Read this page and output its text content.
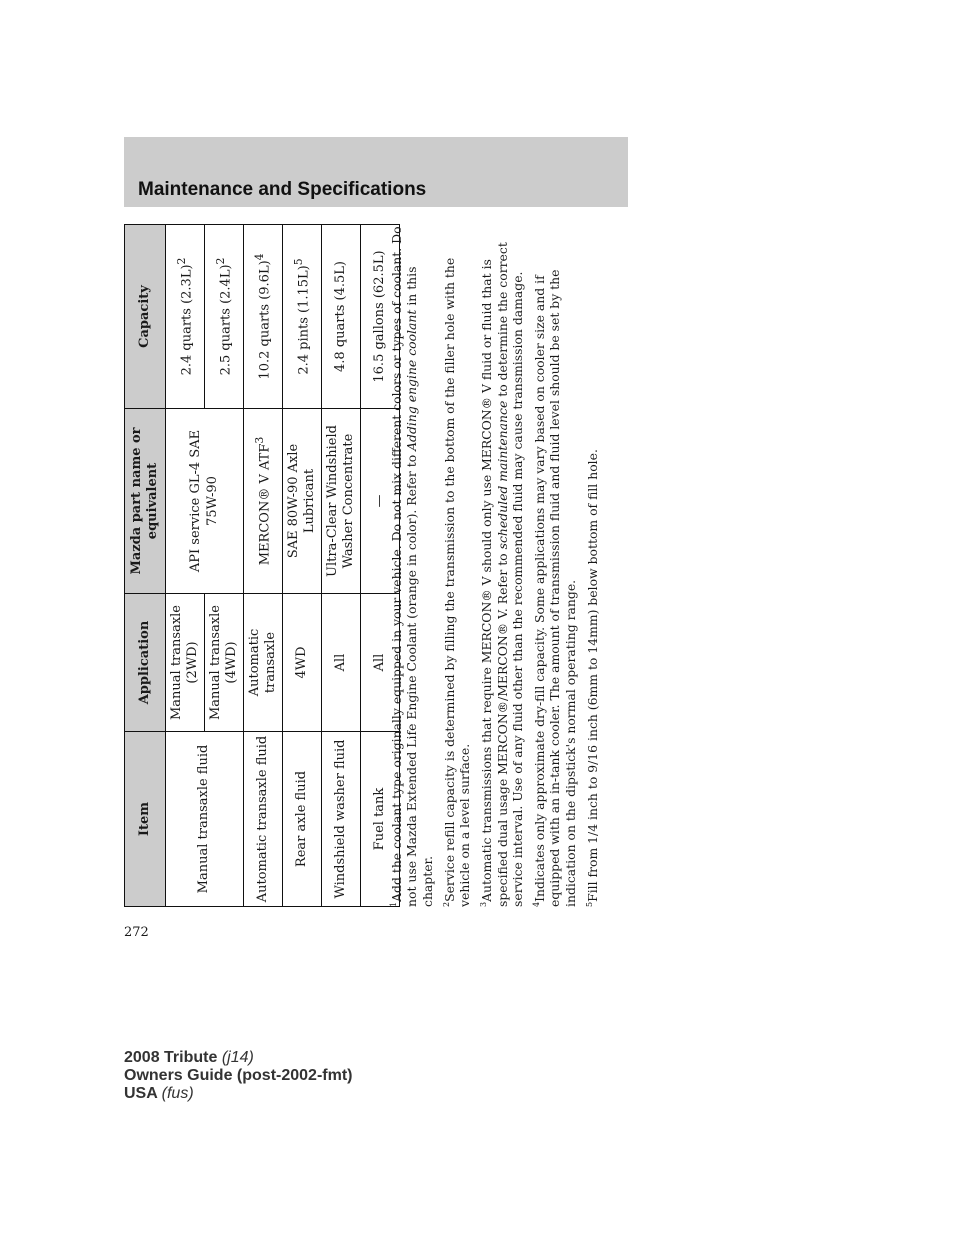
Maintenance and Specifications
Item	Application	Mazda part name or equivalent	Capacity
Manual transaxle fluid	Manual transaxle (2WD)	API service GL-4 SAE 75W-90	2.4 quarts $(2.3L)^2$
	Manual transaxle (4WD)		2.5 quarts $(2.4L)^2$
Automatic transaxle fluid	Automatic transaxle	MERCON® V ATF$^3$	10.2 quarts $(9.6L)^4$
Rear axle fluid	4WD	SAE 80W-90 Axle Lubricant	2.4 pints $(1.15L)^5$
Windshield washer fluid	All	Ultra-Clear Windshield Washer Concentrate	4.8 quarts (4.5L)
Fuel tank	All	—	16.5 gallons (62.5L)

$^1$Add the coolant type originally equipped in your vehicle. Do not mix different colors or types of coolant. Do not use Mazda Extended Life Engine Coolant (orange in color). Refer to Adding engine coolant in this chapter. $^2$Service refill capacity is determined by filling the transmission to the bottom of the filler hole with the vehicle on a level surface. $^3$Automatic transmissions that require MERCON® V should only use MERCON® V fluid or fluid that is specified dual usage MERCON®/MERCON® V. Refer to scheduled maintenance to determine the correct service interval. Use of any fluid other than the recommended fluid may cause transmission damage. $^4$Indicates only approximate dry-fill capacity. Some applications may vary based on cooler size and if equipped with an in-tank cooler. The amount of transmission fluid and fluid level should be set by the indication on the dipstick's normal operating range. $^5$Fill from 1/4 inch to 9/16 inch (6mm to 14mm) below bottom of fill hole.

272
2008 Tribute (j14)
Owners Guide (post-2002-fmt)
USA (fus)
